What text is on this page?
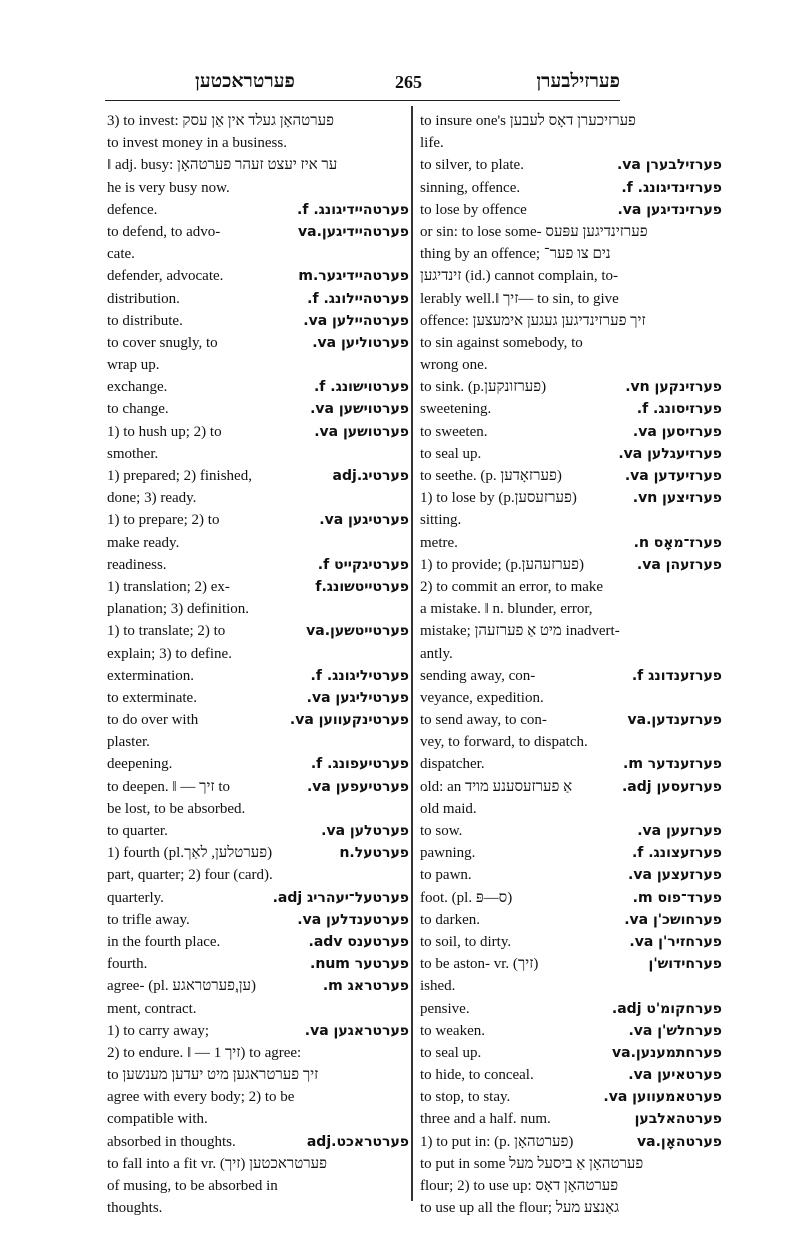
פערטראכטען	265	פערזילבערן
3) to invest: פערטהאָן געלד אין אַן עסק
to invest money in a business.
‖ adj. busy: ער איז יעצט זעהר פערטהאָן
he is very busy now.
defence.	פערטהיידיגונג. f.
to defend, to advo-	פערטהיידיגען.va
cate.
defender, advocate.	פערטהיידיגער.m
distribution.	פערטהיילונג. f.
to distribute.	פערטהיילען va.
to cover snugly, to	פערטוליען va.
wrap up.
exchange.	פערטוישונג. f.
to change.	פערטוישען va.
1) to hush up; 2) to	פערטושען va.
smother.
1) prepared; 2) finished,	פערטיג.adj
done; 3) ready.
1) to prepare; 2) to	פערטיגען va.
make ready.
readiness.	פערטיגקייט f.
1) translation; 2) ex-	פערטייטשונג.f
planation; 3) definition.
1) to translate; 2) to	פערטייטשען.va
explain; 3) to define.
extermination.	פערטיליגונג. f.
to exterminate.	פערטיליגען va.
to do over with	פערטינקעווען va.
plaster.
deepening.	פערטיעפונג. f.
to deepen. ‖ — זיך to	פערטיעפען va.
be lost, to be absorbed.
to quarter.	פערטלען va.
1) fourth (pl.פערטלען, לאַך)	פערטעל.n
part, quarter; 2) four (card).
quarterly.	פערטעל־יעהריג adj.
to trifle away.	פערטענדלען va.
in the fourth place.	פערטענס adv.
fourth.	פערטער num.
agree- (pl. עןִ,פערטראגע)	פערטראג m.
ment, contract.
1) to carry away;	פערטראגען va.
2) to endure. ‖ — זיך 1) to agree:
to זיך פערטראגען מיט יעדען מענשען
agree with every body; 2) to be
compatible with.
absorbed in thoughts.	פערטראכט.adj
to fall into a fit vr. (זיך) פערטראכטען
of musing, to be absorbed in
thoughts.
to insure one's פערזיכערן דאָס לעבען
life.
to silver, to plate.	פערזילבערן va.
sinning, offence.	פערזינדיגונג. f.
to lose by offence	פערזינדיגען va.
or sin: to lose some- פערזינדיגען עפּעס
thing by an offence; נים צו פער־
זינדיגען (id.) cannot complain, to-
lerably well.‖ זיך— to sin, to give
offence: זיך פערזינדיגען געגען אימעצען
to sin against somebody, to
wrong one.
to sink. (p.פערזונקען)	פערזינקען vn.
sweetening.	פערזיסונג. f.
to sweeten.	פערזיסען va.
to seal up.	פערזיעגלען va.
to seethe. (p. פערזאָדען)	פערזיעדען va.
1) to lose by (p.פערזעסען)	פערזיצען vn.
sitting.
metre.	פערז־מאָס n.
1) to provide; (p.פערזעהען)	פערזעהן va.
2) to commit an error, to make
a mistake. ‖ n. blunder, error,
mistake; מיט אַ פערזעהן inadvert-
antly.
sending away, con-	פערזענדונג f.
veyance, expedition.
to send away, to con-	פערזענדען.va
vey, to forward, to dispatch.
dispatcher.	פערזענדער m.
old: an אַ פערזעסענע מויד	פערזעסען adj.
old maid.
to sow.	פערזעען va.
pawning.	פערזעצונג. f.
to pawn.	פערזעצען va.
foot. (pl. ס—פּ)	פערד־פוס m.
to darken.	פערחושכ'ן va.
to soil, to dirty.	פערחזיר'ן va.
to be aston- vr. (זיך)	פערחידוש'ן
ished.
pensive.	פערחקומ'ט adj.
to weaken.	פערחלש'ן va.
to seal up.	פערחתמענען.va
to hide, to conceal.	פערטאיען va.
to stop, to stay.	פערטאמעווען va.
three and a half. num.	פערטהאלבען
1) to put in: (p. פערטהאָן)	פערטהאָן.va
to put in some פערטהאָן אַ ביסעל מעל
flour; 2) to use up: פערטהאָן דאָס
to use up all the flour; גאַנצע מעל
